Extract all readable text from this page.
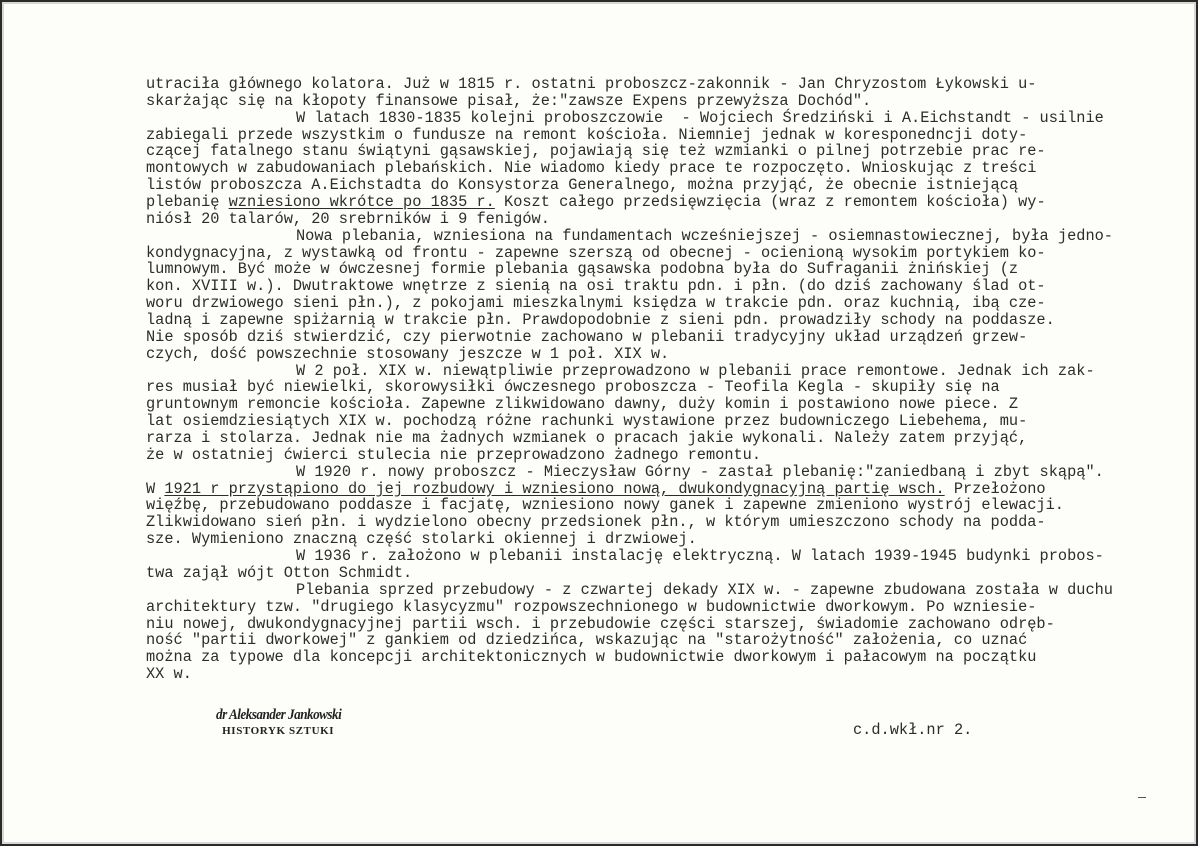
utraciła głównego kolatora. Już w 1815 r. ostatni proboszcz-zakonnik - Jan Chryzostom Łykowski u-
skarżając się na kłopoty finansowe pisał, że:"zawsze Expens przewyższa Dochód".
W latach 1830-1835 kolejni proboszczowie  - Wojciech Średziński i A.Eichstandt - usilnie
zabiegali przede wszystkim o fundusze na remont kościoła. Niemniej jednak w koresponedncji doty-
czącej fatalnego stanu świątyni gąsawskiej, pojawiają się też wzmianki o pilnej potrzebie prac re-
montowych w zabudowaniach plebańskich. Nie wiadomo kiedy prace te rozpoczęto. Wnioskując z treści
listów proboszcza A.Eichstadta do Konsystorza Generalnego, można przyjąć, że obecnie istniejącą
plebanię wzniesiono wkrótce po 1835 r. Koszt całego przedsięwzięcia (wraz z remontem kościoła) wy-
niósł 20 talarów, 20 srebrników i 9 fenigów.
Nowa plebania, wzniesiona na fundamentach wcześniejszej - osiemnastowiecznej, była jedno-
kondygnacyjna, z wystawką od frontu - zapewne szerszą od obecnej - ocienioną wysokim portykiem ko-
lumnowym. Być może w ówczesnej formie plebania gąsawska podobna była do Sufraganii żnińskiej (z
kon. XVIII w.). Dwutraktowe wnętrze z sienią na osi traktu pdn. i płn. (do dziś zachowany ślad ot-
woru drzwiowego sieni płn.), z pokojami mieszkalnymi księdza w trakcie pdn. oraz kuchnią, ibą cze-
ladną i zapewne spiżarnią w trakcie płn. Prawdopodobnie z sieni pdn. prowadziły schody na poddasze.
Nie sposób dziś stwierdzić, czy pierwotnie zachowano w plebanii tradycyjny układ urządzeń grzew-
czych, dość powszechnie stosowany jeszcze w 1 poł. XIX w.
W 2 poł. XIX w. niewątpliwie przeprowadzono w plebanii prace remontowe. Jednak ich zak-
res musiał być niewielki, skorowysiłki ówczesnego proboszcza - Teofila Kegla - skupiły się na
gruntownym remoncie kościoła. Zapewne zlikwidowano dawny, duży komin i postawiono nowe piece. Z
lat osiemdziesiątych XIX w. pochodzą różne rachunki wystawione przez budowniczego Liebehema, mu-
rarza i stolarza. Jednak nie ma żadnych wzmianek o pracach jakie wykonali. Należy zatem przyjąć,
że w ostatniej ćwierci stulecia nie przeprowadzono żadnego remontu.
W 1920 r. nowy proboszcz - Mieczysław Górny - zastał plebanię:"zaniedbaną i zbyt skąpą".
W 1921 r przystąpiono do jej rozbudowy i wzniesiono nową, dwukondygnacyjną partię wsch. Przełożono
więźbę, przebudowano poddasze i facjatę, wzniesiono nowy ganek i zapewne zmieniono wystrój elewacji.
Zlikwidowano sień płn. i wydzielono obecny przedsionek płn., w którym umieszczono schody na podda-
sze. Wymieniono znaczną część stolarki okiennej i drzwiowej.
W 1936 r. założono w plebanii instalację elektryczną. W latach 1939-1945 budynki probos-
twa zajął wójt Otton Schmidt.
Plebania sprzed przebudowy - z czwartej dekady XIX w. - zapewne zbudowana została w duchu
architektury tzw. "drugiego klasycyzmu" rozpowszechnionego w budownictwie dworkowym. Po wzniesie-
niu nowej, dwukondygnacyjnej partii wsch. i przebudowie części starszej, świadomie zachowano odręb-
ność "partii dworkowej" z gankiem od dziedzińca, wskazując na "starożytność" założenia, co uznać
można za typowe dla koncepcji architektonicznych w budownictwie dworkowym i pałacowym na początku
XX w.
dr Aleksander Jankowski
HISTORYK SZTUKI	c.d.wkł.nr 2.
